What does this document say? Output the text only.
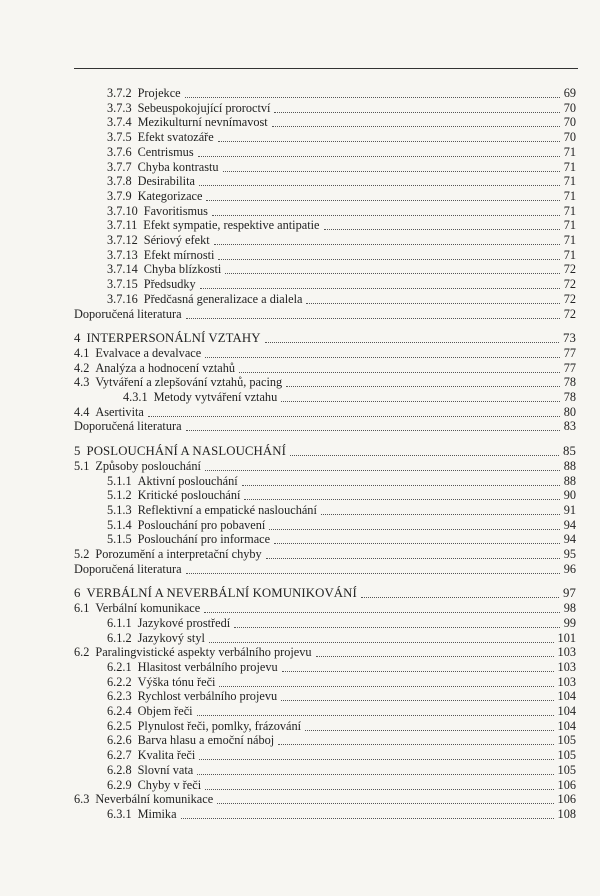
3.7.2 Projekce	69
3.7.3 Sebeuspokojující proroctví	70
3.7.4 Mezikulturní nevnímavost	70
3.7.5 Efekt svatozáře	70
3.7.6 Centrismus	71
3.7.7 Chyba kontrastu	71
3.7.8 Desirabilita	71
3.7.9 Kategorizace	71
3.7.10 Favoritismus	71
3.7.11 Efekt sympatie, respektive antipatie	71
3.7.12 Sériový efekt	71
3.7.13 Efekt mírnosti	71
3.7.14 Chyba blízkosti	72
3.7.15 Předsudky	72
3.7.16 Předčasná generalizace a dialela	72
Doporučená literatura	72
4 INTERPERSONÁLNÍ VZTAHY	73
4.1 Evalvace a devalvace	77
4.2 Analýza a hodnocení vztahů	77
4.3 Vytváření a zlepšování vztahů, pacing	78
4.3.1 Metody vytváření vztahu	78
4.4 Asertivita	80
Doporučená literatura	83
5 POSLOUCHÁNÍ A NASLOUCHÁNÍ	85
5.1 Způsoby poslouchání	88
5.1.1 Aktivní poslouchání	88
5.1.2 Kritické poslouchání	90
5.1.3 Reflektivní a empatické naslouchání	91
5.1.4 Poslouchání pro pobavení	94
5.1.5 Poslouchání pro informace	94
5.2 Porozumění a interpretační chyby	95
Doporučená literatura	96
6 VERBÁLNÍ A NEVERBÁLNÍ KOMUNIKOVÁNÍ	97
6.1 Verbální komunikace	98
6.1.1 Jazykové prostředí	99
6.1.2 Jazykový styl	101
6.2 Paralingvistické aspekty verbálního projevu	103
6.2.1 Hlasitost verbálního projevu	103
6.2.2 Výška tónu řeči	103
6.2.3 Rychlost verbálního projevu	104
6.2.4 Objem řeči	104
6.2.5 Plynulost řeči, pomlky, frázování	104
6.2.6 Barva hlasu a emoční náboj	105
6.2.7 Kvalita řeči	105
6.2.8 Slovní vata	105
6.2.9 Chyby v řeči	106
6.3 Neverbální komunikace	106
6.3.1 Mimika	108
